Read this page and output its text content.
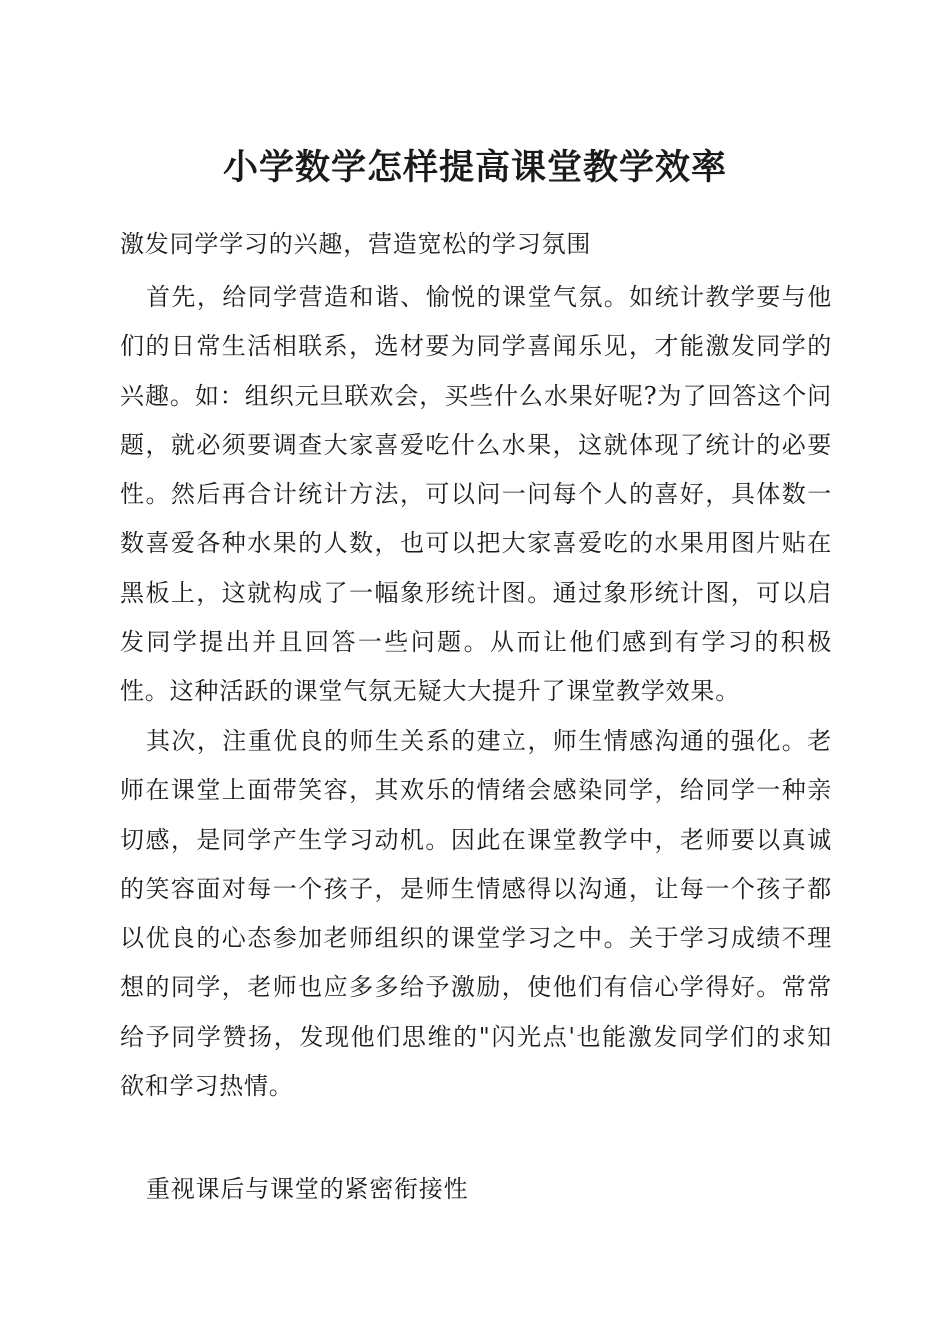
小学数学怎样提高课堂教学效率
激发同学学习的兴趣，营造宽松的学习氛围

首先，给同学营造和谐、愉悦的课堂气氛。如统计教学要与他们的日常生活相联系，选材要为同学喜闻乐见，才能激发同学的兴趣。如：组织元旦联欢会，买些什么水果好呢?为了回答这个问题，就必须要调查大家喜爱吃什么水果，这就体现了统计的必要性。然后再合计统计方法，可以问一问每个人的喜好，具体数一数喜爱各种水果的人数，也可以把大家喜爱吃的水果用图片贴在黑板上，这就构成了一幅象形统计图。通过象形统计图，可以启发同学提出并且回答一些问题。从而让他们感到有学习的积极性。这种活跃的课堂气氛无疑大大提升了课堂教学效果。

其次，注重优良的师生关系的建立，师生情感沟通的强化。老师在课堂上面带笑容，其欢乐的情绪会感染同学，给同学一种亲切感，是同学产生学习动机。因此在课堂教学中，老师要以真诚的笑容面对每一个孩子，是师生情感得以沟通，让每一个孩子都以优良的心态参加老师组织的课堂学习之中。关于学习成绩不理想的同学，老师也应多多给予激励，使他们有信心学得好。常常给予同学赞扬，发现他们思维的"闪光点'也能激发同学们的求知欲和学习热情。

重视课后与课堂的紧密衔接性
